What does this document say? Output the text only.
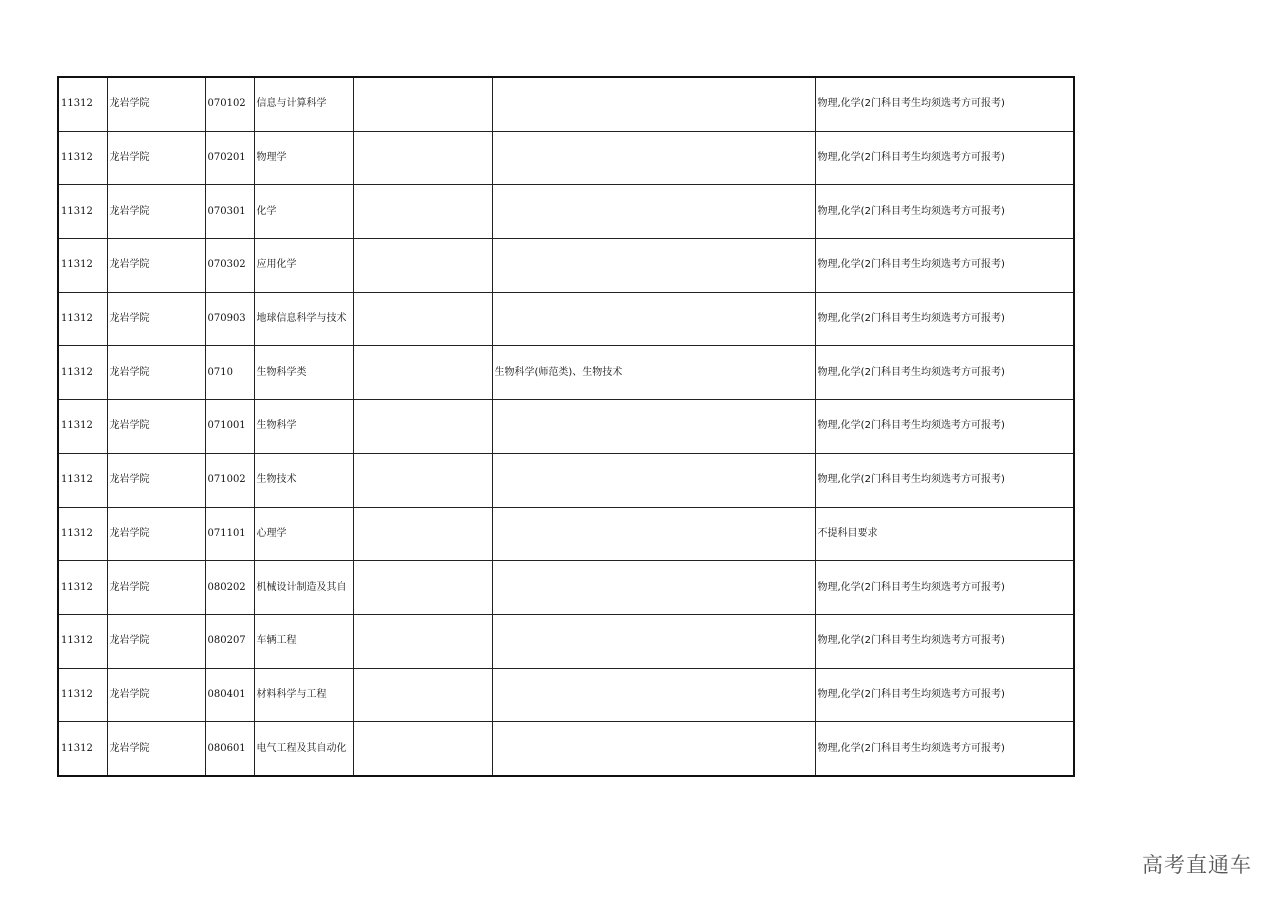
11312	龙岩学院	070102	信息与计算科学			物理,化学(2门科目考生均须选考方可报考)
11312	龙岩学院	070201	物理学			物理,化学(2门科目考生均须选考方可报考)
11312	龙岩学院	070301	化学			物理,化学(2门科目考生均须选考方可报考)
11312	龙岩学院	070302	应用化学			物理,化学(2门科目考生均须选考方可报考)
11312	龙岩学院	070903	地球信息科学与技术			物理,化学(2门科目考生均须选考方可报考)
11312	龙岩学院	0710	生物科学类		生物科学(师范类)、生物技术	物理,化学(2门科目考生均须选考方可报考)
11312	龙岩学院	071001	生物科学			物理,化学(2门科目考生均须选考方可报考)
11312	龙岩学院	071002	生物技术			物理,化学(2门科目考生均须选考方可报考)
11312	龙岩学院	071101	心理学			不提科目要求
11312	龙岩学院	080202	机械设计制造及其自			物理,化学(2门科目考生均须选考方可报考)
11312	龙岩学院	080207	车辆工程			物理,化学(2门科目考生均须选考方可报考)
11312	龙岩学院	080401	材料科学与工程			物理,化学(2门科目考生均须选考方可报考)
11312	龙岩学院	080601	电气工程及其自动化			物理,化学(2门科目考生均须选考方可报考)
高考直通车
